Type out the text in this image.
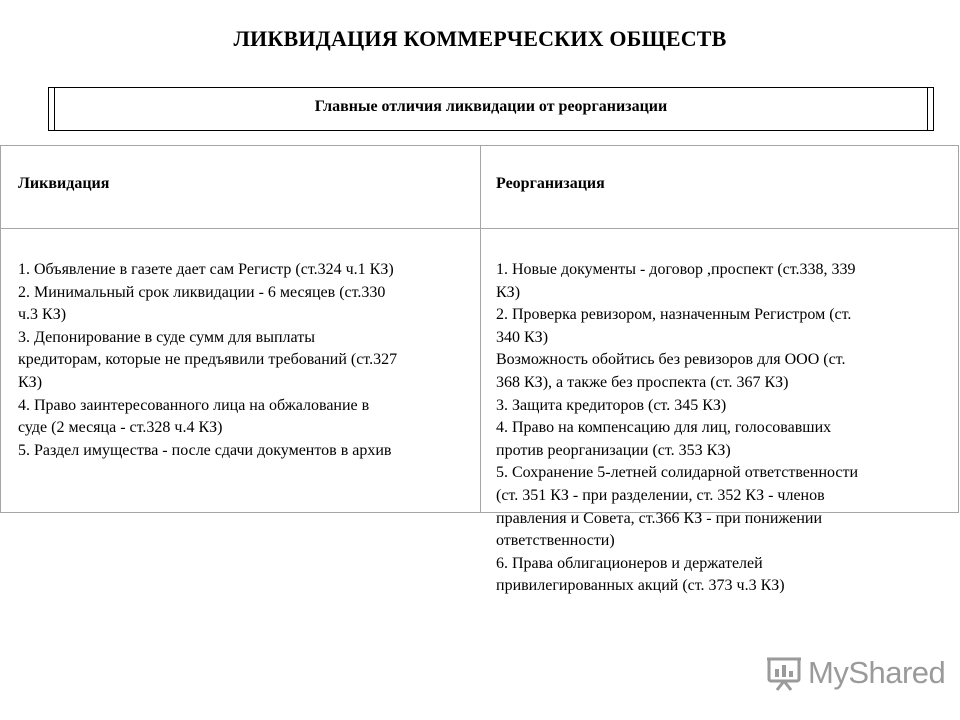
ЛИКВИДАЦИЯ КОММЕРЧЕСКИХ ОБЩЕСТВ
Главные отличия ликвидации от реорганизации
Ликвидация	Реорганизация
1. Объявление в газете дает сам Регистр (ст.324 ч.1 КЗ)
2. Минимальный срок ликвидации - 6 месяцев (ст.330
ч.3 КЗ)
3. Депонирование в суде сумм для выплаты
кредиторам, которые не предъявили требований (ст.327
КЗ)
4. Право заинтересованного лица на обжалование в
суде (2 месяца - ст.328 ч.4 КЗ)
5. Раздел имущества - после сдачи документов в архив
1. Новые документы - договор ,проспект (ст.338, 339
КЗ)
2. Проверка ревизором, назначенным Регистром (ст.
340 КЗ)
Возможность обойтись без ревизоров для ООО (ст.
368 КЗ), а также без проспекта (ст. 367 КЗ)
3. Защита кредиторов (ст. 345 КЗ)
4. Право на компенсацию для лиц, голосовавших
против реорганизации (ст. 353 КЗ)
5. Сохранение 5-летней солидарной ответственности
(ст. 351 КЗ - при разделении, ст. 352 КЗ - членов
правления и Совета, ст.366 КЗ - при понижении
ответственности)
6. Права облигационеров и держателей
привилегированных акций (ст. 373 ч.3 КЗ)
MyShared
